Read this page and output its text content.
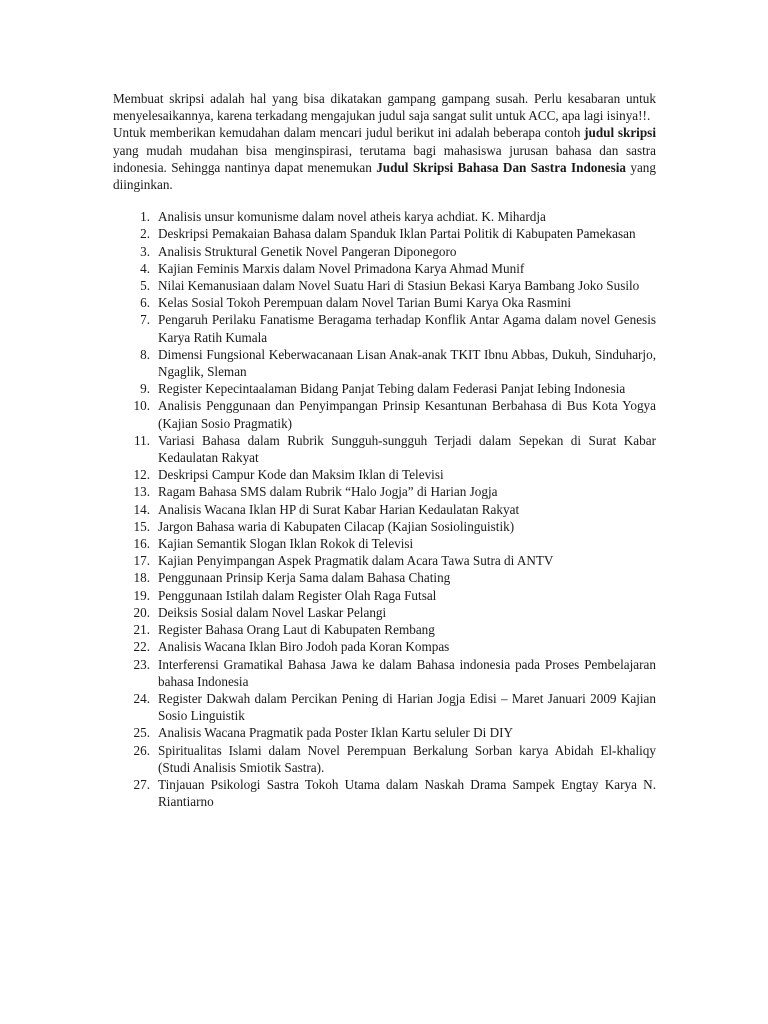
Membuat skripsi adalah hal yang bisa dikatakan gampang gampang susah. Perlu kesabaran untuk menyelesaikannya, karena terkadang mengajukan judul saja sangat sulit untuk ACC, apa lagi isinya!!.

Untuk memberikan kemudahan dalam mencari judul berikut ini adalah beberapa contoh judul skripsi yang mudah mudahan bisa menginspirasi, terutama bagi mahasiswa jurusan bahasa dan sastra indonesia. Sehingga nantinya dapat menemukan Judul Skripsi Bahasa Dan Sastra Indonesia yang diinginkan.

1. Analisis unsur komunisme dalam novel atheis karya achdiat. K. Mihardja
2. Deskripsi Pemakaian Bahasa dalam Spanduk Iklan Partai Politik di Kabupaten Pamekasan
3. Analisis Struktural Genetik Novel Pangeran Diponegoro
4. Kajian Feminis Marxis dalam Novel Primadona Karya Ahmad Munif
5. Nilai Kemanusiaan dalam Novel Suatu Hari di Stasiun Bekasi Karya Bambang Joko Susilo
6. Kelas Sosial Tokoh Perempuan dalam Novel Tarian Bumi Karya Oka Rasmini
7. Pengaruh Perilaku Fanatisme Beragama terhadap Konflik Antar Agama dalam novel Genesis Karya Ratih Kumala
8. Dimensi Fungsional Keberwacanaan Lisan Anak-anak TKIT Ibnu Abbas, Dukuh, Sinduharjo, Ngaglik, Sleman
9. Register Kepecintaalaman Bidang Panjat Tebing dalam Federasi Panjat Iebing Indonesia
10. Analisis Penggunaan dan Penyimpangan Prinsip Kesantunan Berbahasa di Bus Kota Yogya (Kajian Sosio Pragmatik)
11. Variasi Bahasa dalam Rubrik Sungguh-sungguh Terjadi dalam Sepekan di Surat Kabar Kedaulatan Rakyat
12. Deskripsi Campur Kode dan Maksim Iklan di Televisi
13. Ragam Bahasa SMS dalam Rubrik “Halo Jogja” di Harian Jogja
14. Analisis Wacana Iklan HP di Surat Kabar Harian Kedaulatan Rakyat
15. Jargon Bahasa waria di Kabupaten Cilacap (Kajian Sosiolinguistik)
16. Kajian Semantik Slogan Iklan Rokok di Televisi
17. Kajian Penyimpangan Aspek Pragmatik dalam Acara Tawa Sutra di ANTV
18. Penggunaan Prinsip Kerja Sama dalam Bahasa Chating
19. Penggunaan Istilah dalam Register Olah Raga Futsal
20. Deiksis Sosial dalam Novel Laskar Pelangi
21. Register Bahasa Orang Laut di Kabupaten Rembang
22. Analisis Wacana Iklan Biro Jodoh pada Koran Kompas
23. Interferensi Gramatikal Bahasa Jawa ke dalam Bahasa indonesia pada Proses Pembelajaran bahasa Indonesia
24. Register Dakwah dalam Percikan Pening di Harian Jogja Edisi – Maret Januari 2009 Kajian Sosio Linguistik
25. Analisis Wacana Pragmatik pada Poster Iklan Kartu seluler Di DIY
26. Spiritualitas Islami dalam Novel Perempuan Berkalung Sorban karya Abidah El-khaliqy (Studi Analisis Smiotik Sastra).
27. Tinjauan Psikologi Sastra Tokoh Utama dalam Naskah Drama Sampek Engtay Karya N. Riantiarno
